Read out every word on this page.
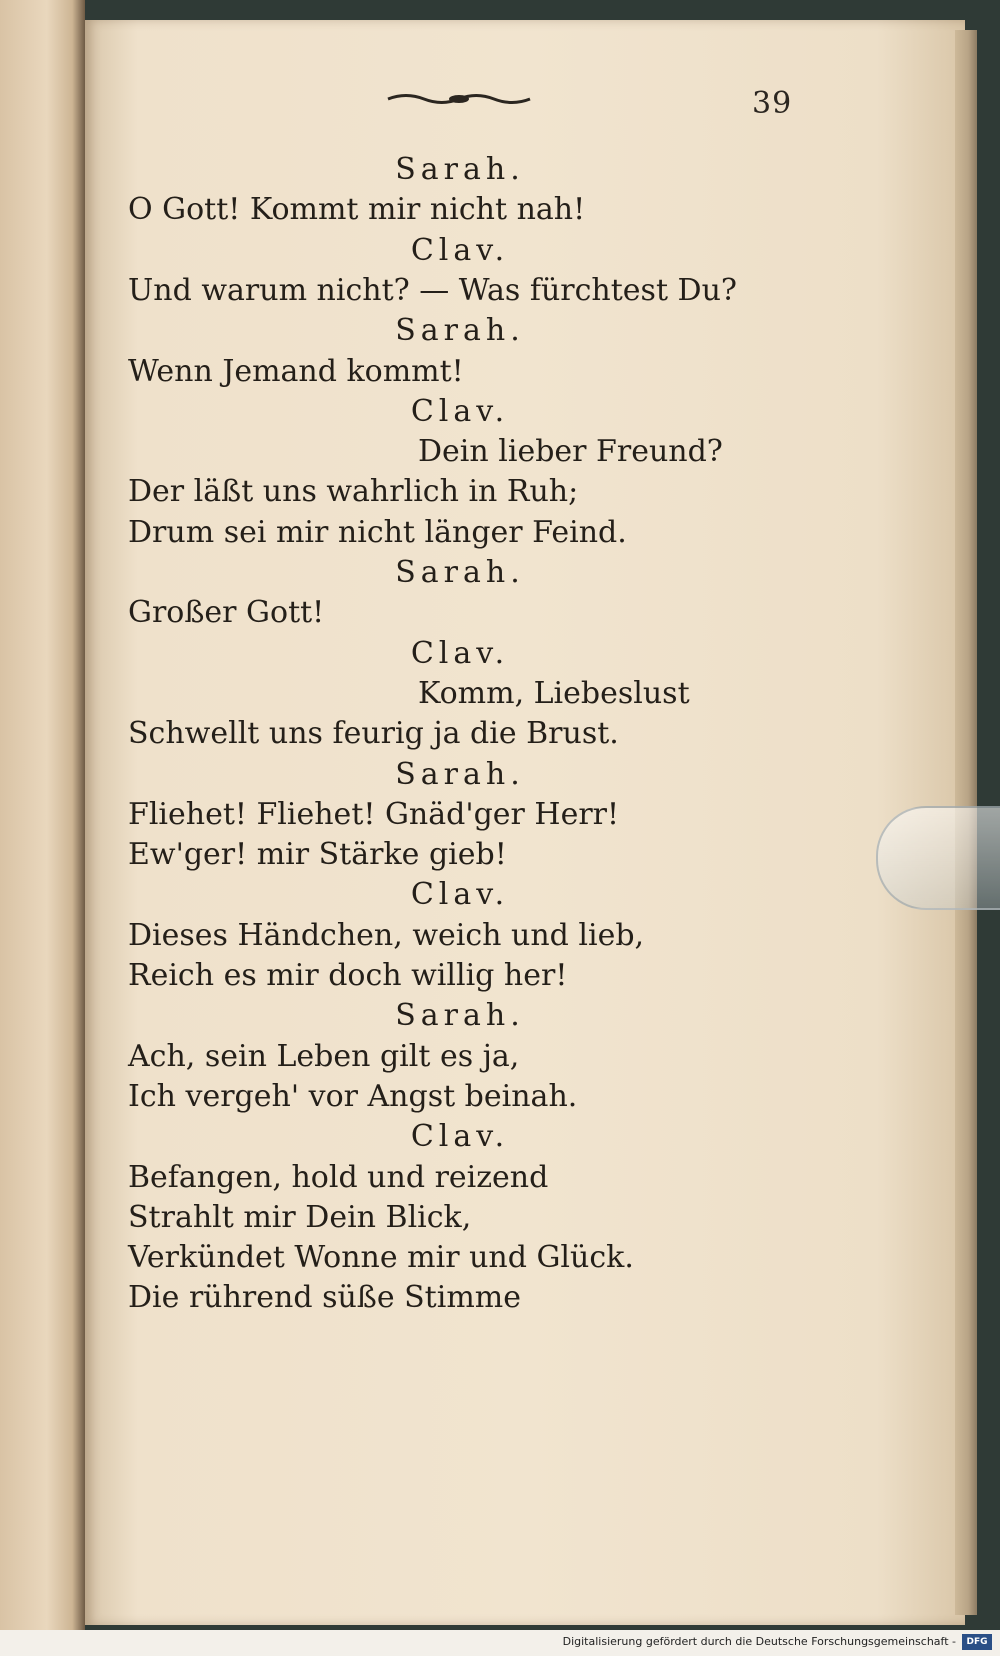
39
Sarah.
O Gott! Kommt mir nicht nah!
Clav.
Und warum nicht? — Was fürchtest Du?
Sarah.
Wenn Jemand kommt!
Clav.
Dein lieber Freund?
Der läßt uns wahrlich in Ruh;
Drum sei mir nicht länger Feind.
Sarah.
Großer Gott!
Clav.
Komm, Liebeslust
Schwellt uns feurig ja die Brust.
Sarah.
Fliehet! Fliehet! Gnäd'ger Herr!
Ew'ger! mir Stärke gieb!
Clav.
Dieses Händchen, weich und lieb,
Reich es mir doch willig her!
Sarah.
Ach, sein Leben gilt es ja,
Ich vergeh' vor Angst beinah.
Clav.
Befangen, hold und reizend
Strahlt mir Dein Blick,
Verkündet Wonne mir und Glück.
Die rührend süße Stimme
Digitalisierung gefördert durch die Deutsche Forschungsgemeinschaft -	DFG
